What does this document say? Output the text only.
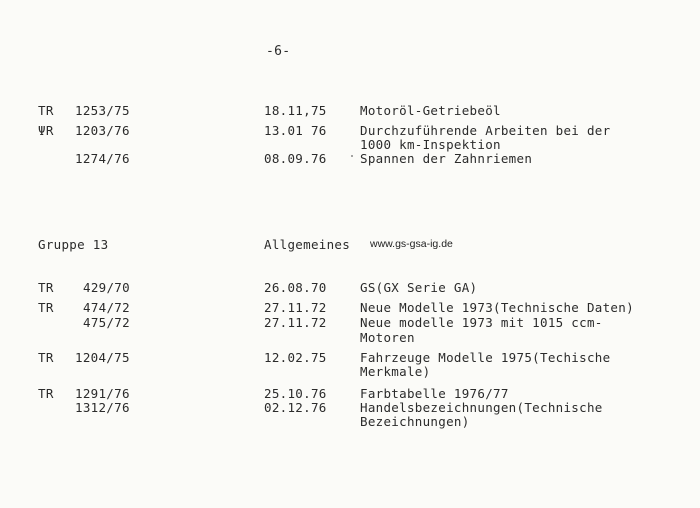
-6-
TR 1253/75	18.11,75	Motoröl-Getriebeöl
ΨR 1203/76	13.01 76	Durchzuführende Arbeiten bei der
1000 km-Inspektion
1274/76	08.09.76	Spannen der Zahnriemen
Gruppe 13	Allgemeines www.gs-gsa-ig.de
TR 429/70	26.08.70	GS(GX Serie GA)
TR 474/72	27.11.72	Neue Modelle 1973(Technische Daten)
475/72	27.11.72	Neue modelle 1973 mit 1015 ccm-
Motoren
TR 1204/75	12.02.75	Fahrzeuge Modelle 1975(Techische
Merkmale)
TR 1291/76	25.10.76	Farbtabelle 1976/77
1312/76	02.12.76	Handelsbezeichnungen(Technische
Bezeichnungen)
